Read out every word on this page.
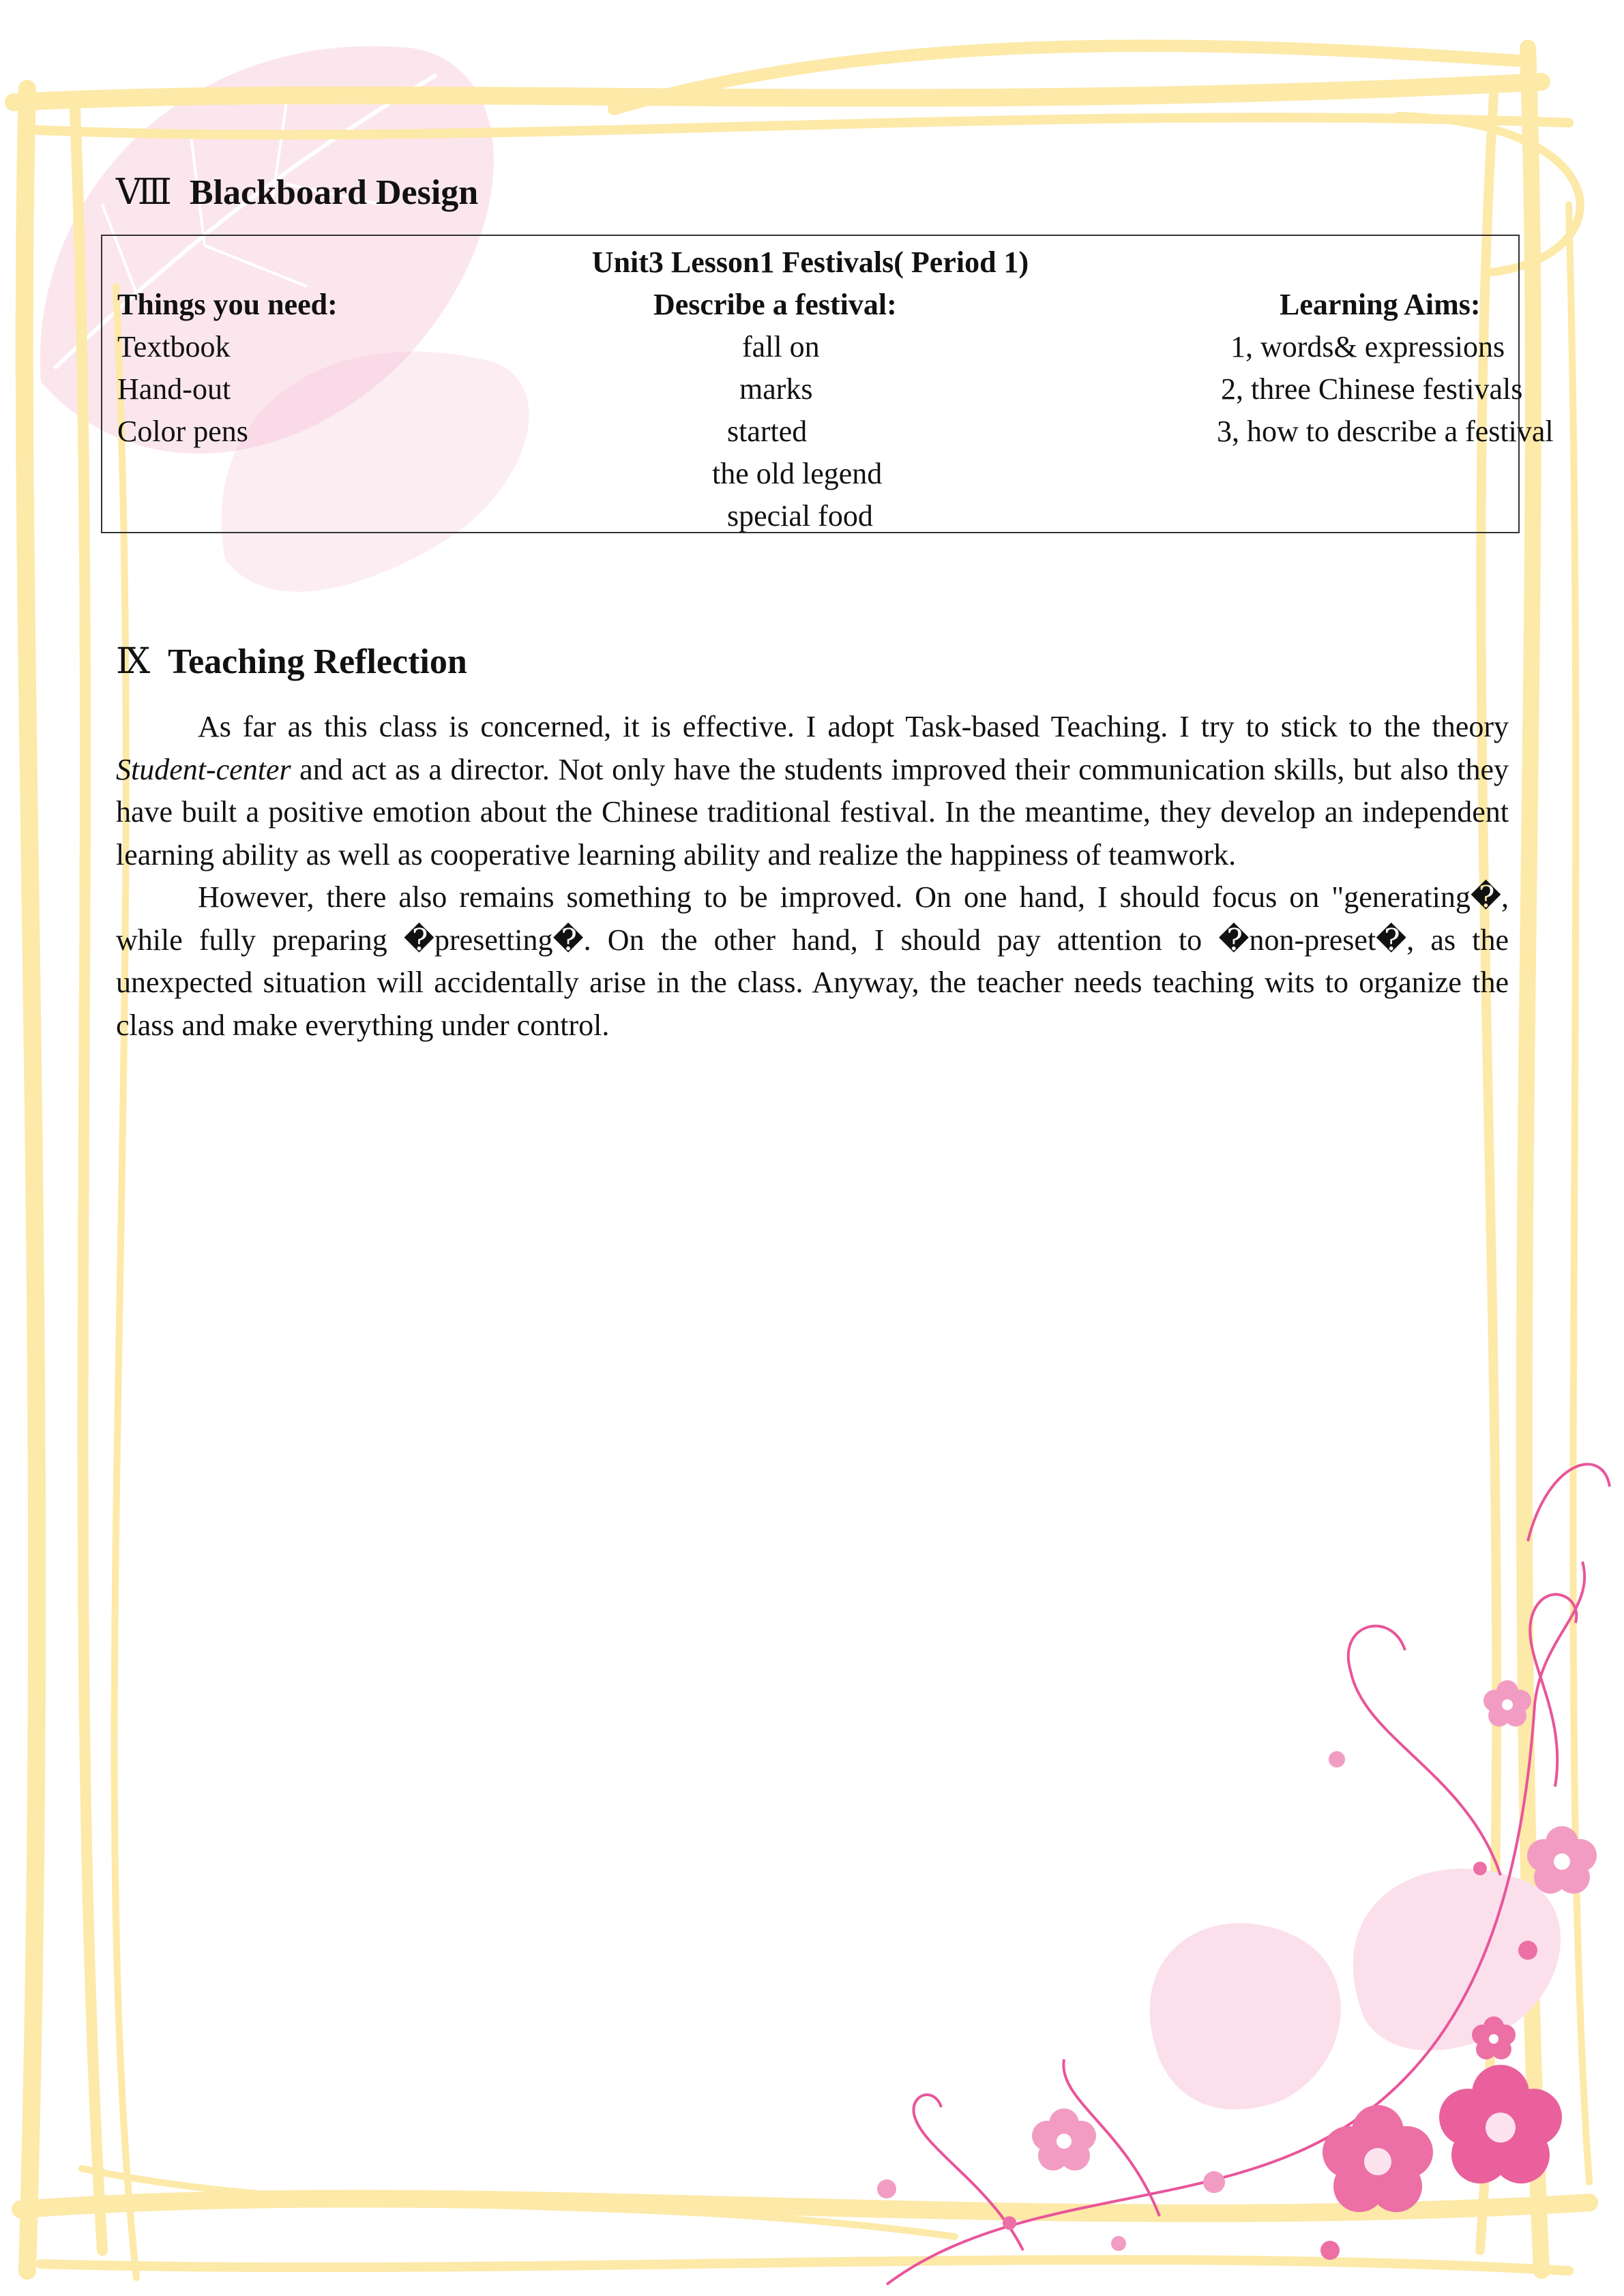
Ⅷ Blackboard Design
Unit3 Lesson1 Festivals( Period 1)
Things you need:
Textbook
Hand-out
Color pens
Describe a festival:
fall on
marks
started
the old legend
special food
Learning Aims:
1, words& expressions
2, three Chinese festivals
3, how to describe a festival
Ⅸ Teaching Reflection

As far as this class is concerned, it is effective. I adopt Task-based Teaching. I try to stick to the theory Student-center and act as a director. Not only have the students improved their communication skills, but also they have built a positive emotion about the Chinese traditional festival. In the meantime, they develop an independent learning ability as well as cooperative learning ability and realize the happiness of teamwork.

However, there also remains something to be improved. On one hand, I should focus on "generating�, while fully preparing �presetting�. On the other hand, I should pay attention to �non-preset�, as the unexpected situation will accidentally arise in the class. Anyway, the teacher needs teaching wits to organize the class and make everything under control.
